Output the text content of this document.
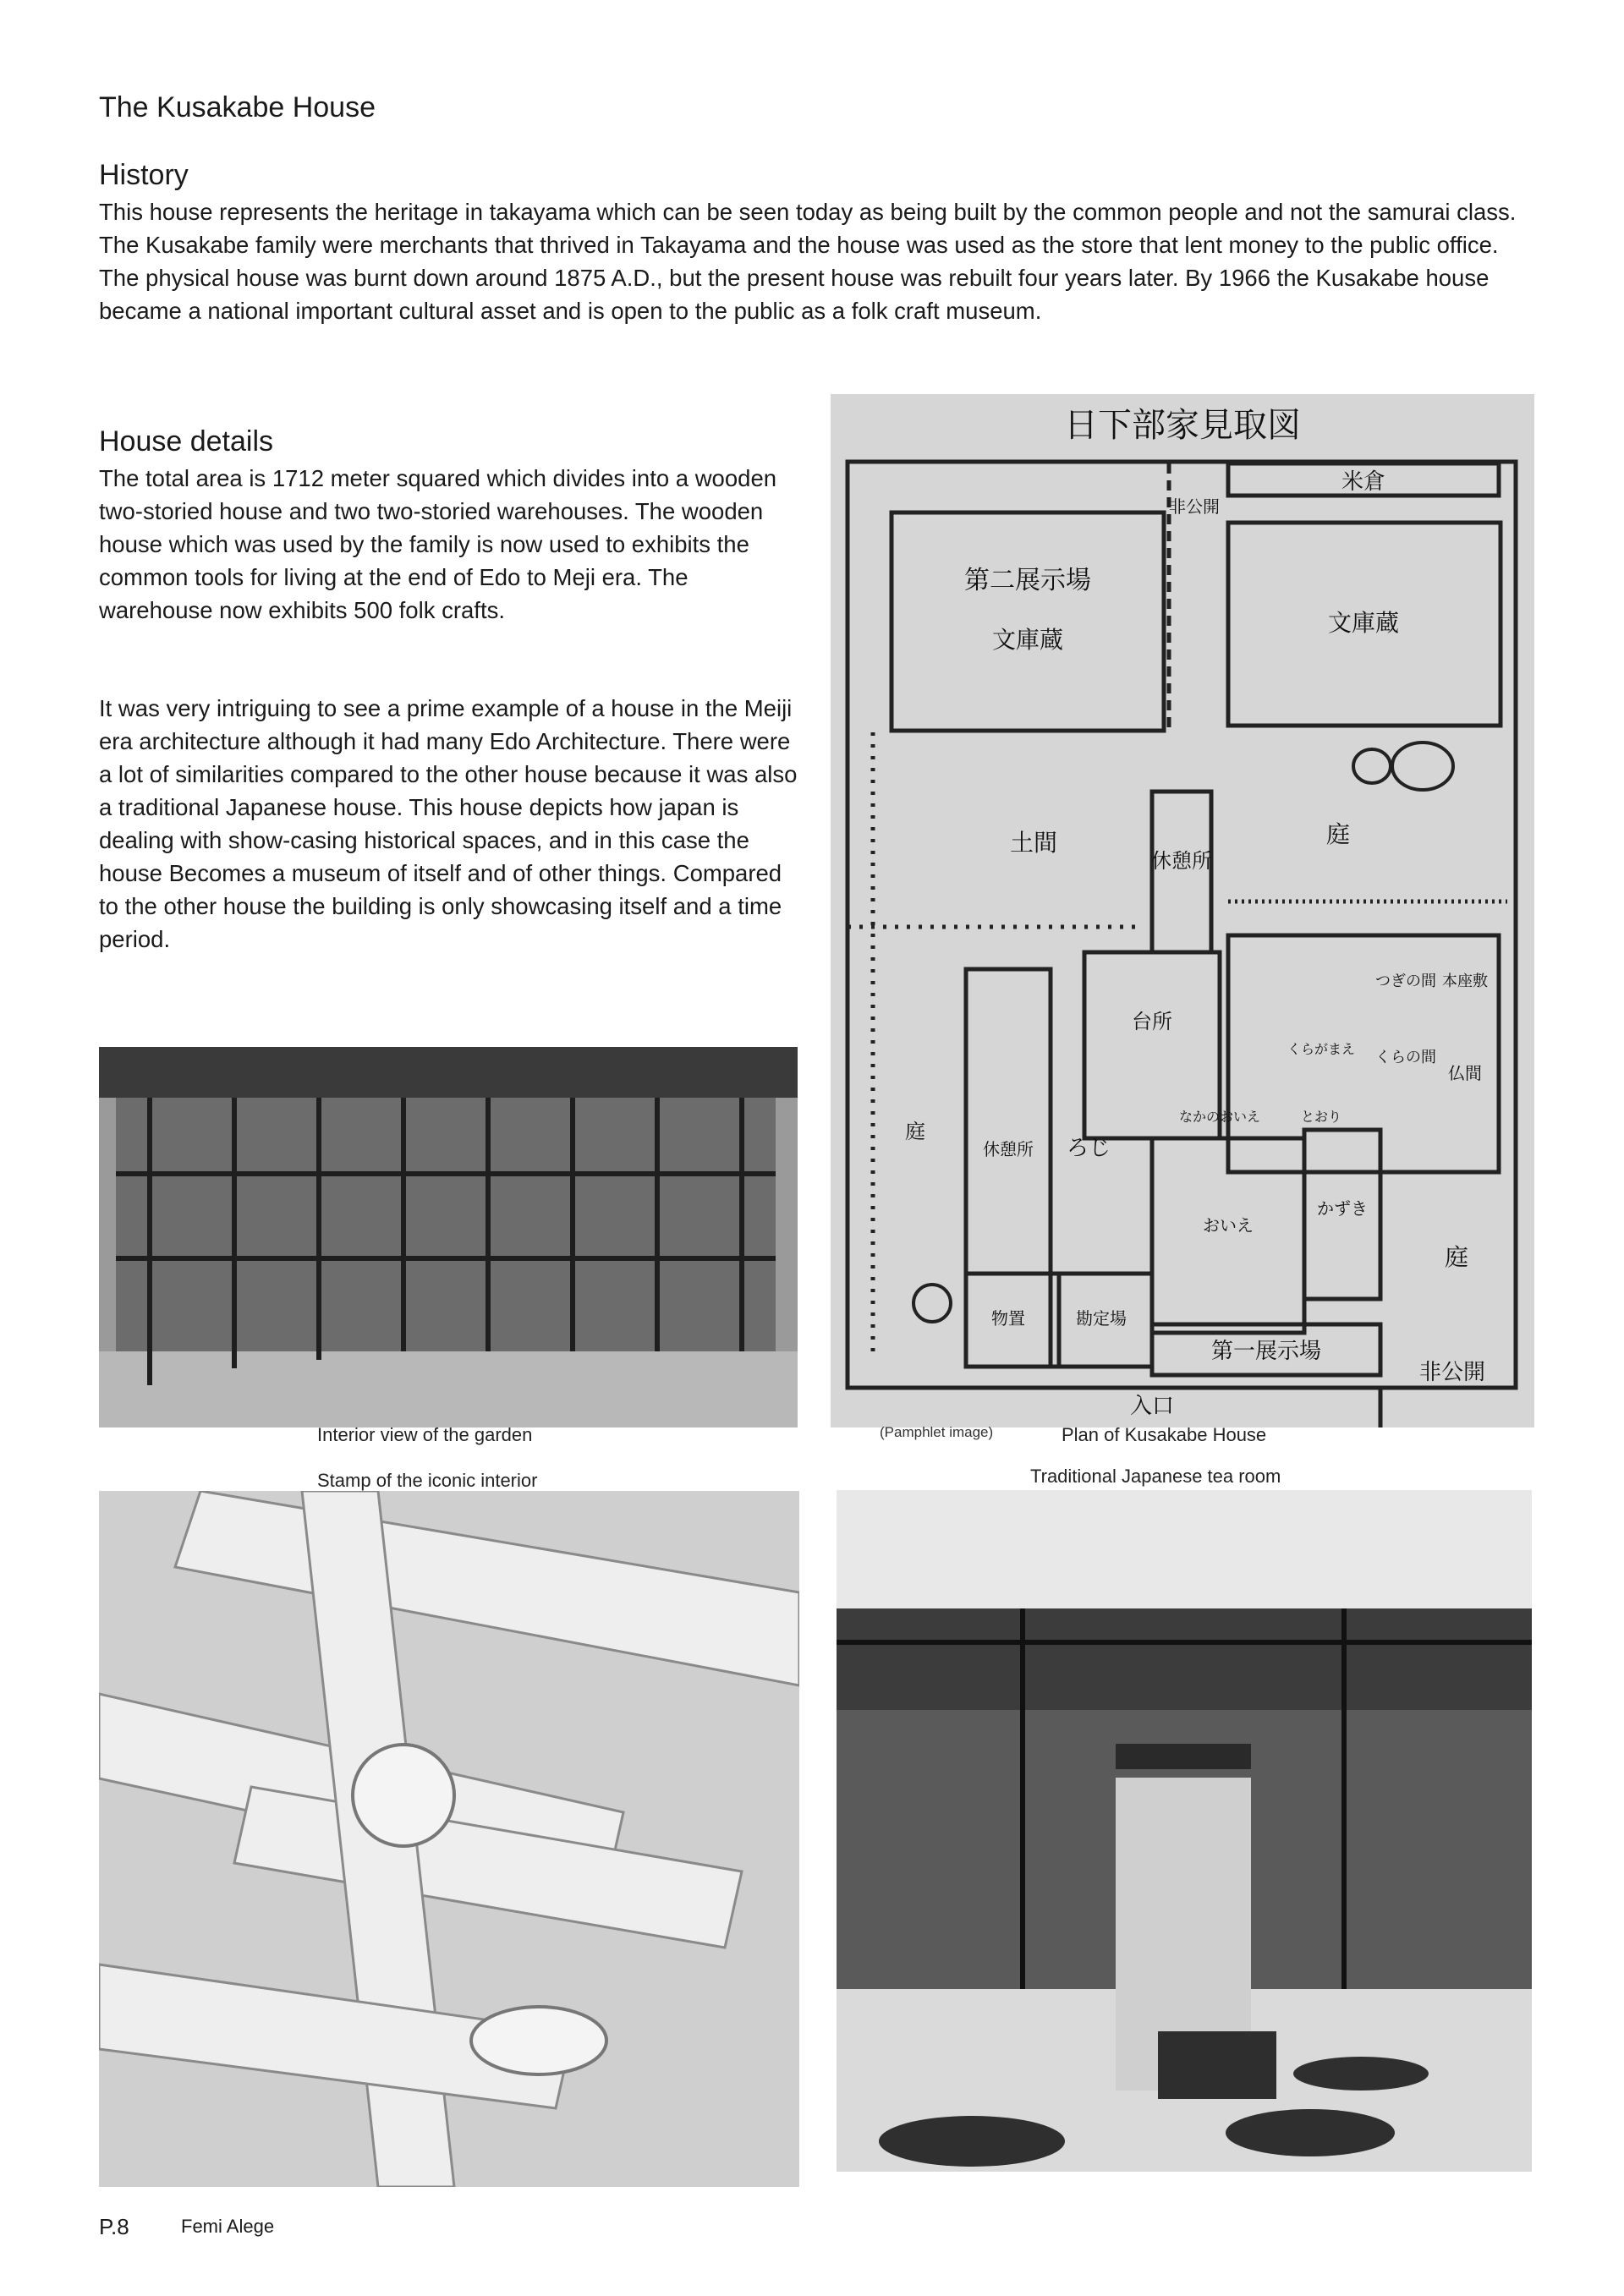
The Kusakabe House
History
This house represents the heritage in takayama which can be seen today as being built by the common people and not the samurai class. The Kusakabe family were merchants that thrived in Takayama and the house was used as the store that lent money to the public office. The physical house was burnt down around 1875 A.D., but the present house was rebuilt four years later. By 1966 the Kusakabe house became a national important cultural asset and is open to the public as a folk craft museum.
House details
The total area is 1712 meter squared which divides into a wooden two-storied house and two two-storied warehouses. The wooden house which was used by the family is now used to exhibits the common tools for living at the end of Edo to Meji era. The warehouse now exhibits 500 folk crafts.
It was very intriguing to see a prime example of a house in the Meiji era architecture although it had many Edo Architecture. There were a lot of similarities compared to the other house because it was also a traditional Japanese house. This house depicts how japan is dealing with show-casing historical spaces, and in this case the house Becomes a museum of itself and of other things. Compared to the other house the building is only showcasing itself and a time period.
日下部家見取図
米倉
非公開
第二展示場
文庫蔵
文庫蔵
土間
休憩所
庭
台所
つぎの間 本座敷
くらの間
仏間
くらがまえ
とおり
なかのおいえ
おいえ
かずき
休憩所 ろじ
庭
庭
物置	勘定場
第一展示場
入口
非公開
Interior view of the garden	(Pamphlet image)	Plan of Kusakabe House
Stamp of the iconic interior	Traditional Japanese tea room
P.8	Femi Alege
